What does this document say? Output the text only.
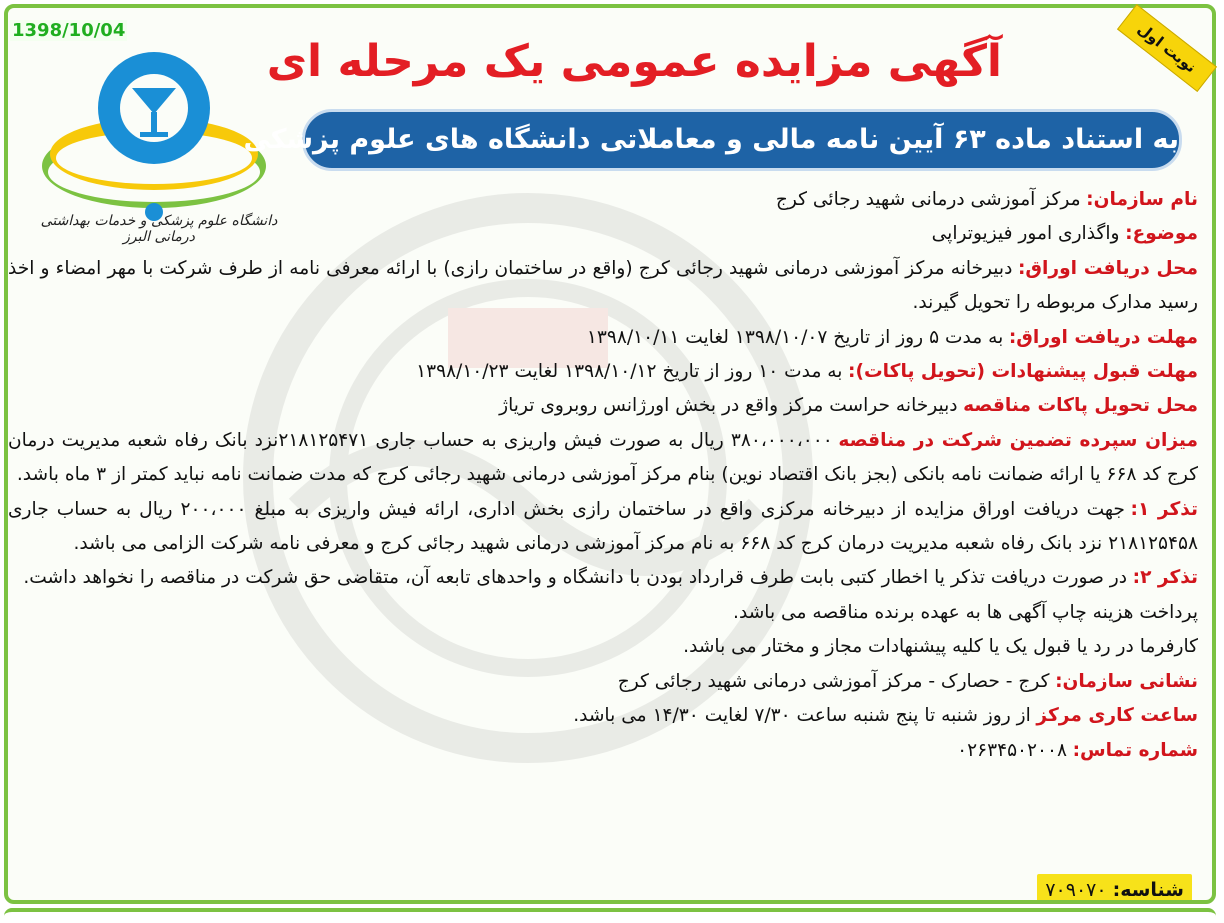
دانشگاه علوم پزشکی و خدمات بهداشتی درمانی البرز
آگهی مزایده عمومی یک مرحله ای
به استناد ماده ۶۳ آیین نامه مالی و معاملاتی دانشگاه های علوم پزشکی

نام سازمان:مرکز آموزشی درمانی شهید رجائی کرج

موضوع:واگذاری امور فیزیوتراپی

محل دریافت اوراق:دبیرخانه مرکز آموزشی درمانی شهید رجائی کرج (واقع در ساختمان رازی) با ارائه معرفی نامه از طرف شرکت با مهر امضاء و اخذ رسید مدارک مربوطه را تحویل گیرند.

مهلت دریافت اوراق:به مدت ۵ روز از تاریخ ۱۳۹۸/۱۰/۰۷ لغایت ۱۳۹۸/۱۰/۱۱

مهلت قبول پیشنهادات (تحویل پاکات):به مدت ۱۰ روز از تاریخ ۱۳۹۸/۱۰/۱۲ لغایت ۱۳۹۸/۱۰/۲۳

محل تحویل پاکات مناقصهدبیرخانه حراست مرکز واقع در بخش اورژانس روبروی تریاژ

میزان سپرده تضمین شرکت در مناقصه۳۸۰،۰۰۰،۰۰۰ ریال به صورت فیش واریزی به حساب جاری ۲۱۸۱۲۵۴۷۱نزد بانک رفاه شعبه مدیریت درمان کرج کد ۶۶۸ یا ارائه ضمانت نامه بانکی (بجز بانک اقتصاد نوین) بنام مرکز آموزشی درمانی شهید رجائی کرج که مدت ضمانت نامه نباید کمتر از ۳ ماه باشد.

تذکر ۱:جهت دریافت اوراق مزایده از دبیرخانه مرکزی واقع در ساختمان رازی بخش اداری، ارائه فیش واریزی به مبلغ ۲۰۰،۰۰۰ ریال به حساب جاری ۲۱۸۱۲۵۴۵۸ نزد بانک رفاه شعبه مدیریت درمان کرج کد ۶۶۸ به نام مرکز آموزشی درمانی شهید رجائی کرج و معرفی نامه شرکت الزامی می باشد.

تذکر ۲:در صورت دریافت تذکر یا اخطار کتبی بابت طرف قرارداد بودن با دانشگاه و واحدهای تابعه آن، متقاضی حق شرکت در مناقصه را نخواهد داشت.

پرداخت هزینه چاپ آگهی ها به عهده برنده مناقصه می باشد.

کارفرما در رد یا قبول یک یا کلیه پیشنهادات مجاز و مختار می باشد.

نشانی سازمان:کرج - حصارک - مرکز آموزشی درمانی شهید رجائی کرج

ساعت کاری مرکزاز روز شنبه تا پنج شنبه ساعت ۷/۳۰ لغایت ۱۴/۳۰ می باشد.

شماره تماس:۰۲۶۳۴۵۰۲۰۰۸

شناسه: ۷۰۹۰۷۰
1398/10/04	نوبت اول
